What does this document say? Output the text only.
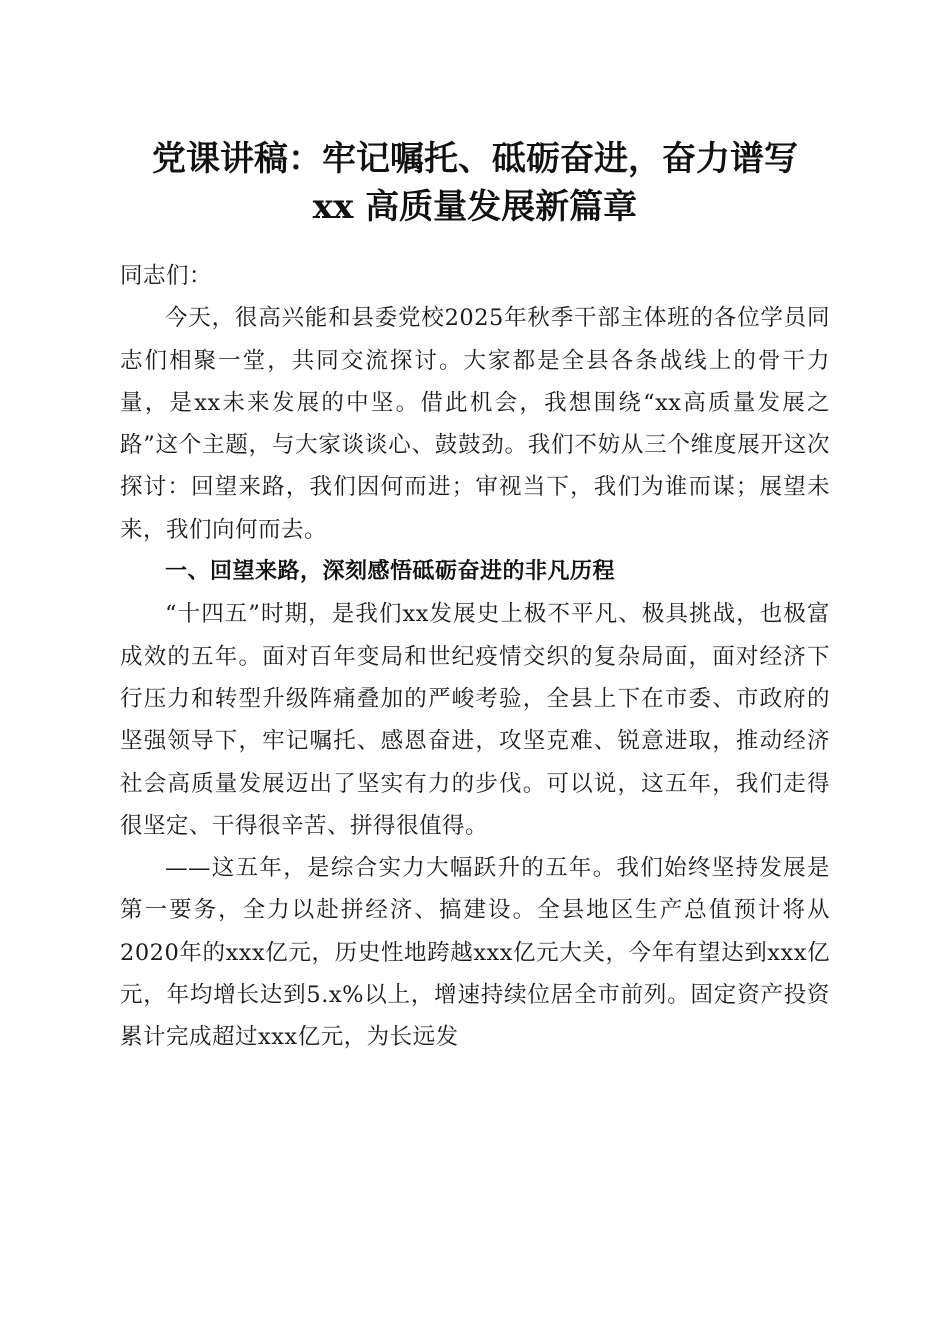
党课讲稿：牢记嘱托、砥砺奋进，奋力谱写
xx 高质量发展新篇章

同志们：

今天，很高兴能和县委党校2025年秋季干部主体班的各位学员同志们相聚一堂，共同交流探讨。大家都是全县各条战线上的骨干力量，是xx未来发展的中坚。借此机会，我想围绕“xx高质量发展之路”这个主题，与大家谈谈心、鼓鼓劲。我们不妨从三个维度展开这次探讨：回望来路，我们因何而进；审视当下，我们为谁而谋；展望未来，我们向何而去。

一、回望来路，深刻感悟砥砺奋进的非凡历程

“十四五”时期，是我们xx发展史上极不平凡、极具挑战，也极富成效的五年。面对百年变局和世纪疫情交织的复杂局面，面对经济下行压力和转型升级阵痛叠加的严峻考验，全县上下在市委、市政府的坚强领导下，牢记嘱托、感恩奋进，攻坚克难、锐意进取，推动经济社会高质量发展迈出了坚实有力的步伐。可以说，这五年，我们走得很坚定、干得很辛苦、拼得很值得。

——这五年，是综合实力大幅跃升的五年。我们始终坚持发展是第一要务，全力以赴拼经济、搞建设。全县地区生产总值预计将从2020年的xxx亿元，历史性地跨越xxx亿元大关，今年有望达到xxx亿元，年均增长达到5.x%以上，增速持续位居全市前列。固定资产投资累计完成超过xxx亿元，为长远发
